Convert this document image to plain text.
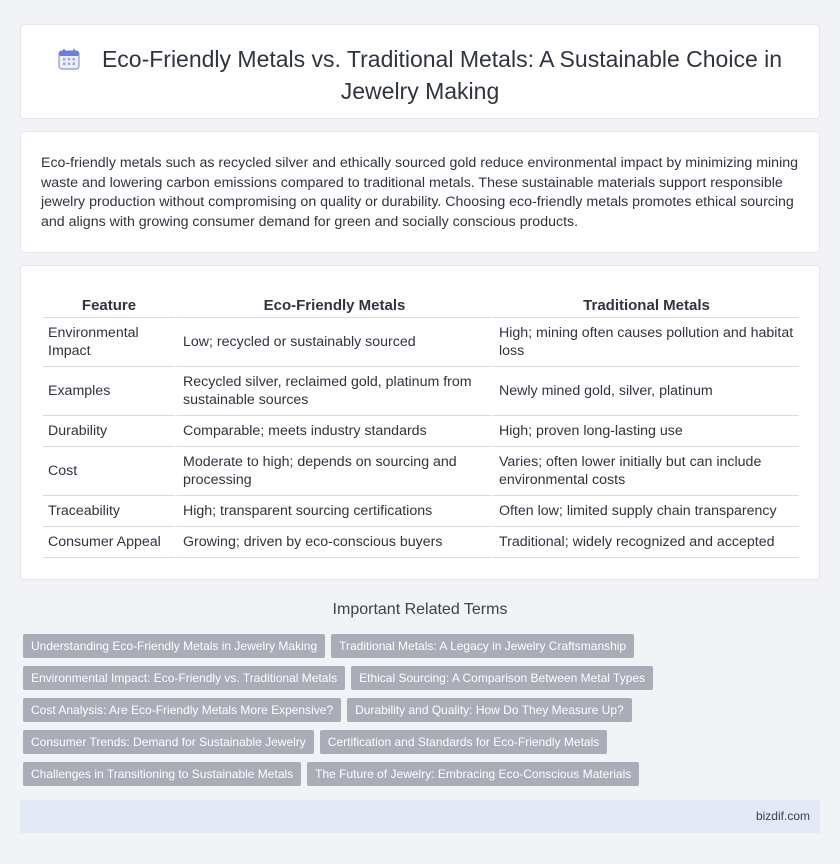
Eco-Friendly Metals vs. Traditional Metals: A Sustainable Choice in Jewelry Making

Eco-friendly metals such as recycled silver and ethically sourced gold reduce environmental impact by minimizing mining waste and lowering carbon emissions compared to traditional metals. These sustainable materials support responsible jewelry production without compromising on quality or durability. Choosing eco-friendly metals promotes ethical sourcing and aligns with growing consumer demand for green and socially conscious products.

Feature	Eco-Friendly Metals	Traditional Metals
Environmental Impact	Low; recycled or sustainably sourced	High; mining often causes pollution and habitat loss
Examples	Recycled silver, reclaimed gold, platinum from sustainable sources	Newly mined gold, silver, platinum
Durability	Comparable; meets industry standards	High; proven long-lasting use
Cost	Moderate to high; depends on sourcing and processing	Varies; often lower initially but can include environmental costs
Traceability	High; transparent sourcing certifications	Often low; limited supply chain transparency
Consumer Appeal	Growing; driven by eco-conscious buyers	Traditional; widely recognized and accepted
Important Related Terms
Understanding Eco-Friendly Metals in Jewelry Making Traditional Metals: A Legacy in Jewelry Craftsmanship
Environmental Impact: Eco-Friendly vs. Traditional Metals Ethical Sourcing: A Comparison Between Metal Types
Cost Analysis: Are Eco-Friendly Metals More Expensive? Durability and Quality: How Do They Measure Up?
Consumer Trends: Demand for Sustainable Jewelry Certification and Standards for Eco-Friendly Metals
Challenges in Transitioning to Sustainable Metals The Future of Jewelry: Embracing Eco-Conscious Materials
bizdif.com
